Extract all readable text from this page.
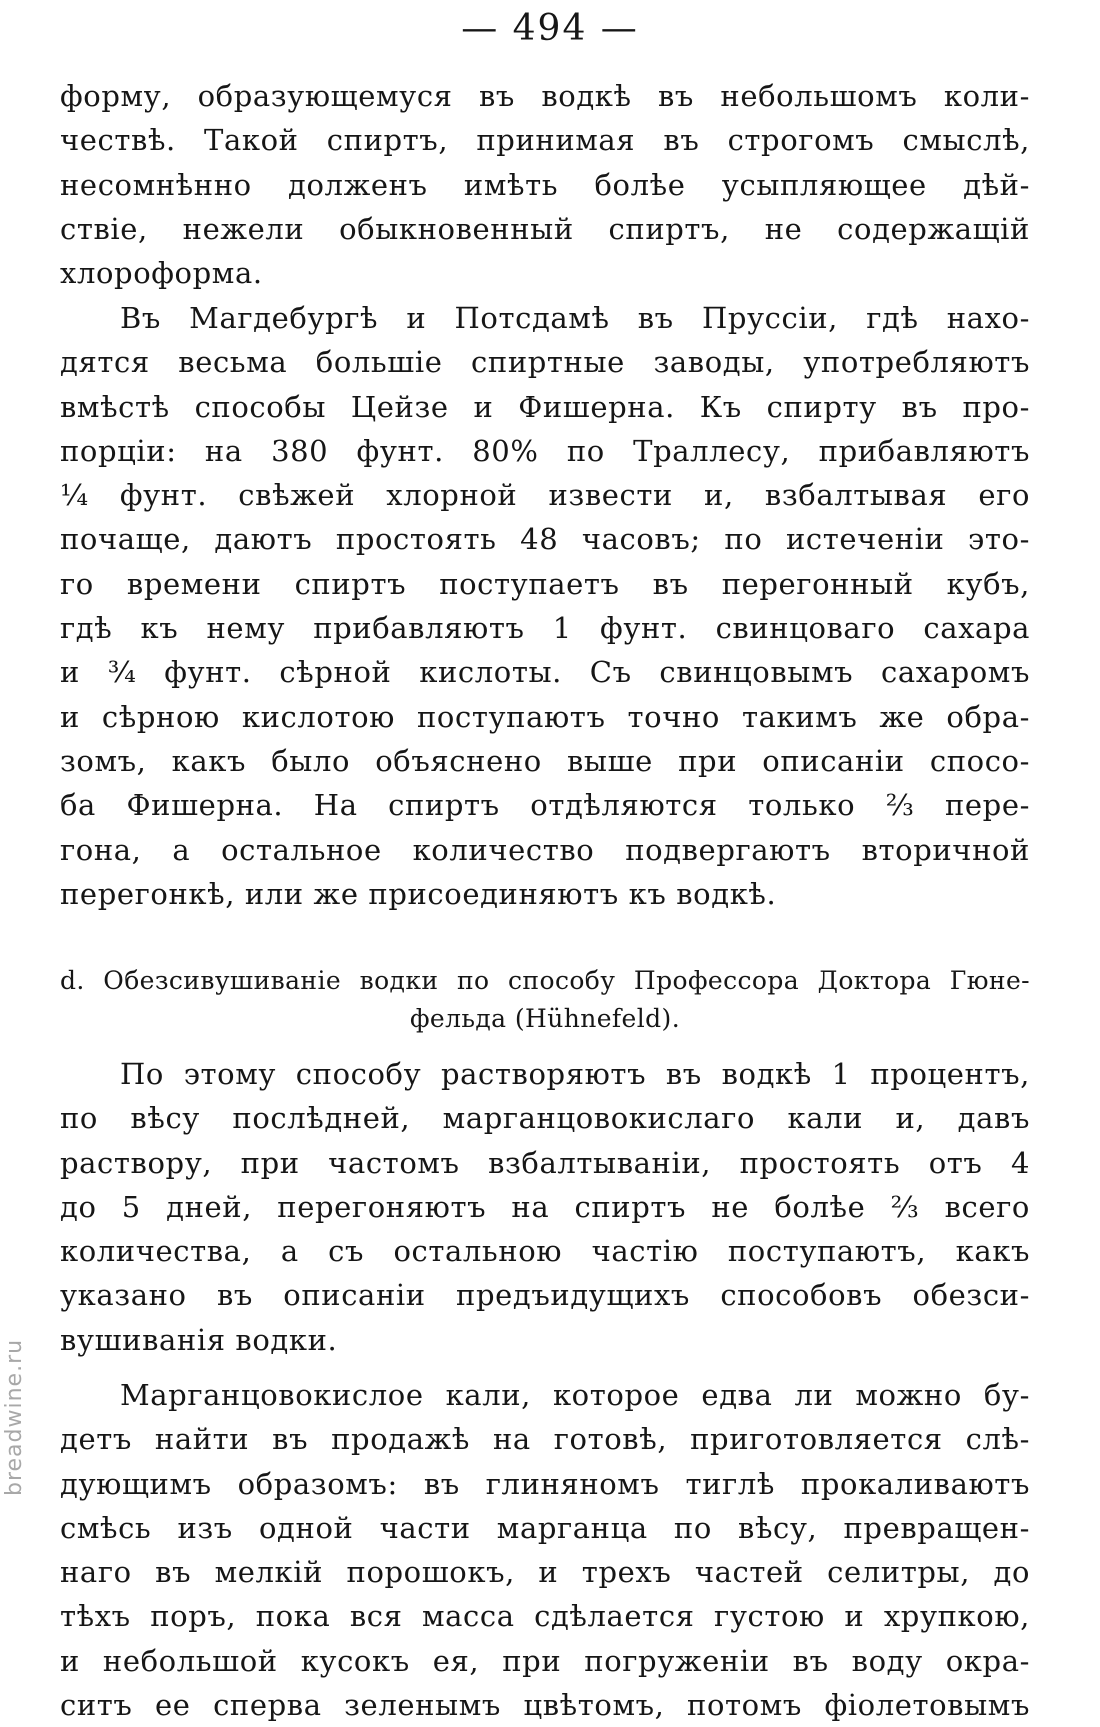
— 494 —
форму, образующемуся въ водкѣ въ небольшомъ коли-
чествѣ. Такой спиртъ, принимая въ строгомъ смыслѣ,
несомнѣнно долженъ имѣть болѣе усыпляющее дѣй-
ствіе, нежели обыкновенный спиртъ, не содержащій
хлороформа.
Въ Магдебургѣ и Потсдамѣ въ Пруссіи, гдѣ нахо-
дятся весьма большіе спиртные заводы, употребляютъ
вмѣстѣ способы Цейзе и Фишерна. Къ спирту въ про-
порціи: на 380 фунт. 80% по Траллесу, прибавляютъ
¼ фунт. свѣжей хлорной извести и, взбалтывая его
почаще, даютъ простоять 48 часовъ; по истеченіи это-
го времени спиртъ поступаетъ въ перегонный кубъ,
гдѣ къ нему прибавляютъ 1 фунт. свинцоваго сахара
и ¾ фунт. сѣрной кислоты. Съ свинцовымъ сахаромъ
и сѣрною кислотою поступаютъ точно такимъ же обра-
зомъ, какъ было объяснено выше при описаніи спосо-
ба Фишерна. На спиртъ отдѣляются только ⅔ пере-
гона, а остальное количество подвергаютъ вторичной
перегонкѣ, или же присоединяютъ къ водкѣ.
d. Обезсивушиваніе водки по способу Профессора Доктора Гюне-
фельда (Hühnefeld).
По этому способу растворяютъ въ водкѣ 1 процентъ,
по вѣсу послѣдней, марганцовокислаго кали и, давъ
раствору, при частомъ взбалтываніи, простоять отъ 4
до 5 дней, перегоняютъ на спиртъ не болѣе ⅔ всего
количества, а съ остальною частію поступаютъ, какъ
указано въ описаніи предъидущихъ способовъ обезси-
вушиванія водки.
Марганцовокислое кали, которое едва ли можно бу-
детъ найти въ продажѣ на готовѣ, приготовляется слѣ-
дующимъ образомъ: въ глиняномъ тиглѣ прокаливаютъ
смѣсь изъ одной части марганца по вѣсу, превращен-
наго въ мелкій порошокъ, и трехъ частей селитры, до
тѣхъ поръ, пока вся масса сдѣлается густою и хрупкою,
и небольшой кусокъ ея, при погруженіи въ воду окра-
ситъ ее сперва зеленымъ цвѣтомъ, потомъ фіолетовымъ
breadwine.ru
